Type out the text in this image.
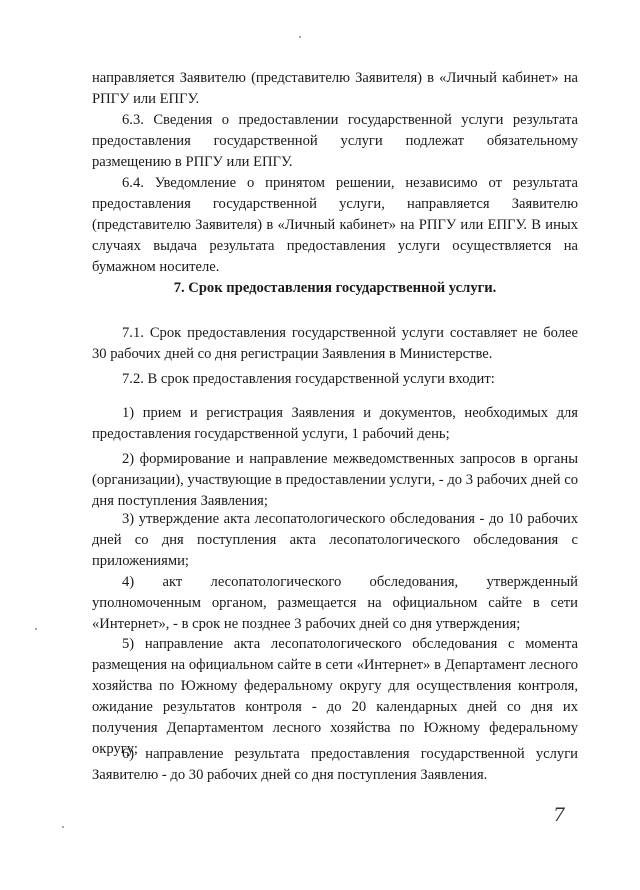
направляется Заявителю (представителю Заявителя) в «Личный кабинет» на РПГУ или ЕПГУ.

6.3. Сведения о предоставлении государственной услуги результата предоставления государственной услуги подлежат обязательному размещению в РПГУ или ЕПГУ.

6.4. Уведомление о принятом решении, независимо от результата предоставления государственной услуги, направляется Заявителю (представителю Заявителя) в «Личный кабинет» на РПГУ или ЕПГУ. В иных случаях выдача результата предоставления услуги осуществляется на бумажном носителе.

7. Срок предоставления государственной услуги.

7.1. Срок предоставления государственной услуги составляет не более 30 рабочих дней со дня регистрации Заявления в Министерстве.

7.2. В срок предоставления государственной услуги входит:

1) прием и регистрация Заявления и документов, необходимых для предоставления государственной услуги, 1 рабочий день;

2) формирование и направление межведомственных запросов в органы (организации), участвующие в предоставлении услуги, - до 3 рабочих дней со дня поступления Заявления;

3) утверждение акта лесопатологического обследования - до 10 рабочих дней со дня поступления акта лесопатологического обследования с приложениями;

4) акт лесопатологического обследования, утвержденный уполномоченным органом, размещается на официальном сайте в сети «Интернет», - в срок не позднее 3 рабочих дней со дня утверждения;

5) направление акта лесопатологического обследования с момента размещения на официальном сайте в сети «Интернет» в Департамент лесного хозяйства по Южному федеральному округу для осуществления контроля, ожидание результатов контроля - до 20 календарных дней со дня их получения Департаментом лесного хозяйства по Южному федеральному округу;

6) направление результата предоставления государственной услуги Заявителю - до 30 рабочих дней со дня поступления Заявления.

7
